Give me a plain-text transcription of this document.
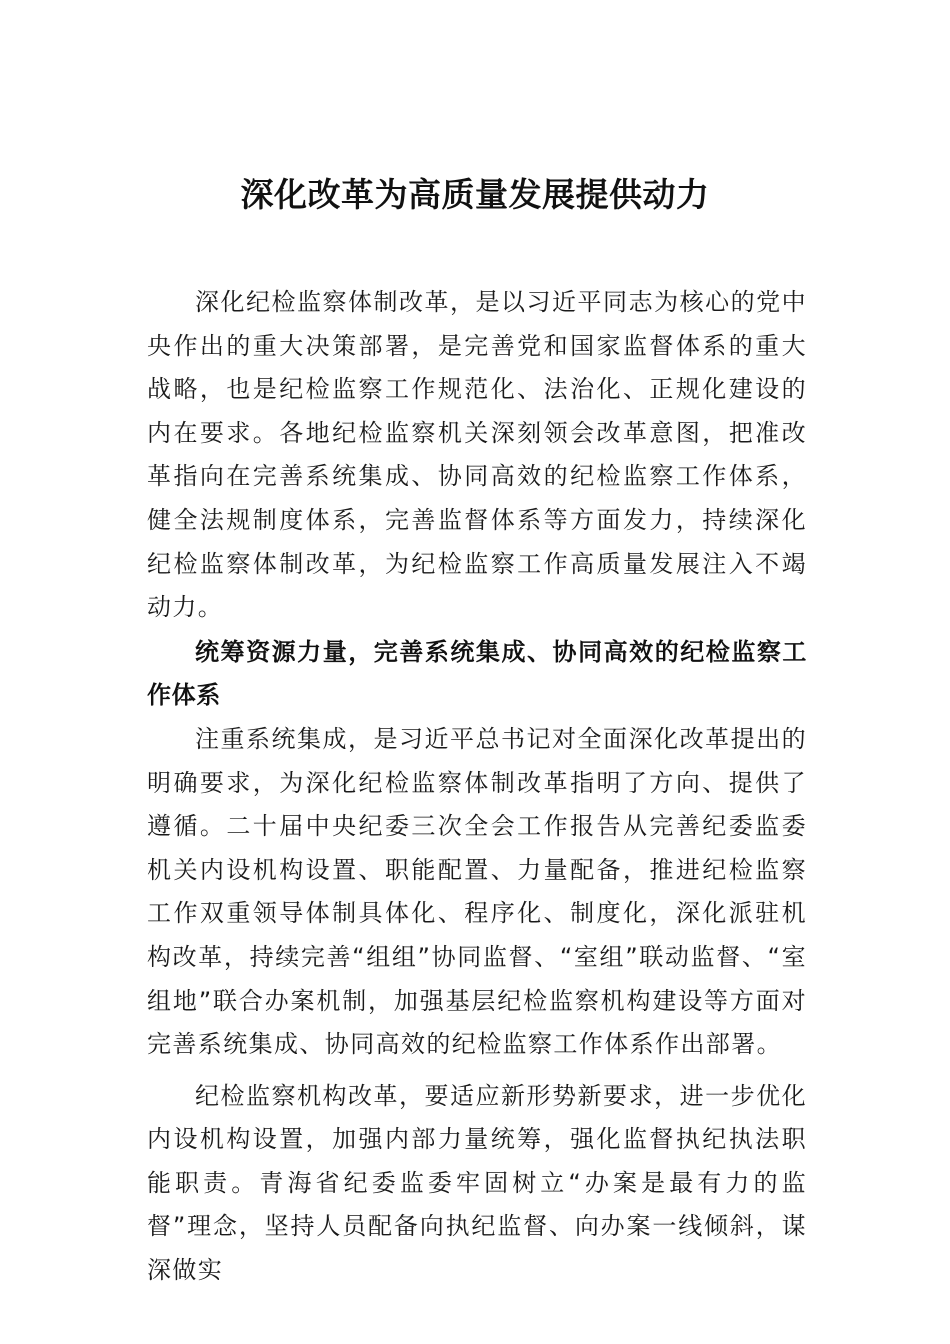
深化改革为高质量发展提供动力

深化纪检监察体制改革，是以习近平同志为核心的党中央作出的重大决策部署，是完善党和国家监督体系的重大战略，也是纪检监察工作规范化、法治化、正规化建设的内在要求。各地纪检监察机关深刻领会改革意图，把准改革指向在完善系统集成、协同高效的纪检监察工作体系，健全法规制度体系，完善监督体系等方面发力，持续深化纪检监察体制改革，为纪检监察工作高质量发展注入不竭动力。

统筹资源力量，完善系统集成、协同高效的纪检监察工作体系

注重系统集成，是习近平总书记对全面深化改革提出的明确要求，为深化纪检监察体制改革指明了方向、提供了遵循。二十届中央纪委三次全会工作报告从完善纪委监委机关内设机构设置、职能配置、力量配备，推进纪检监察工作双重领导体制具体化、程序化、制度化，深化派驻机构改革，持续完善“组组”协同监督、“室组”联动监督、“室组地”联合办案机制，加强基层纪检监察机构建设等方面对完善系统集成、协同高效的纪检监察工作体系作出部署。

纪检监察机构改革，要适应新形势新要求，进一步优化内设机构设置，加强内部力量统筹，强化监督执纪执法职能职责。青海省纪委监委牢固树立“办案是最有力的监督”理念，坚持人员配备向执纪监督、向办案一线倾斜，谋深做实
